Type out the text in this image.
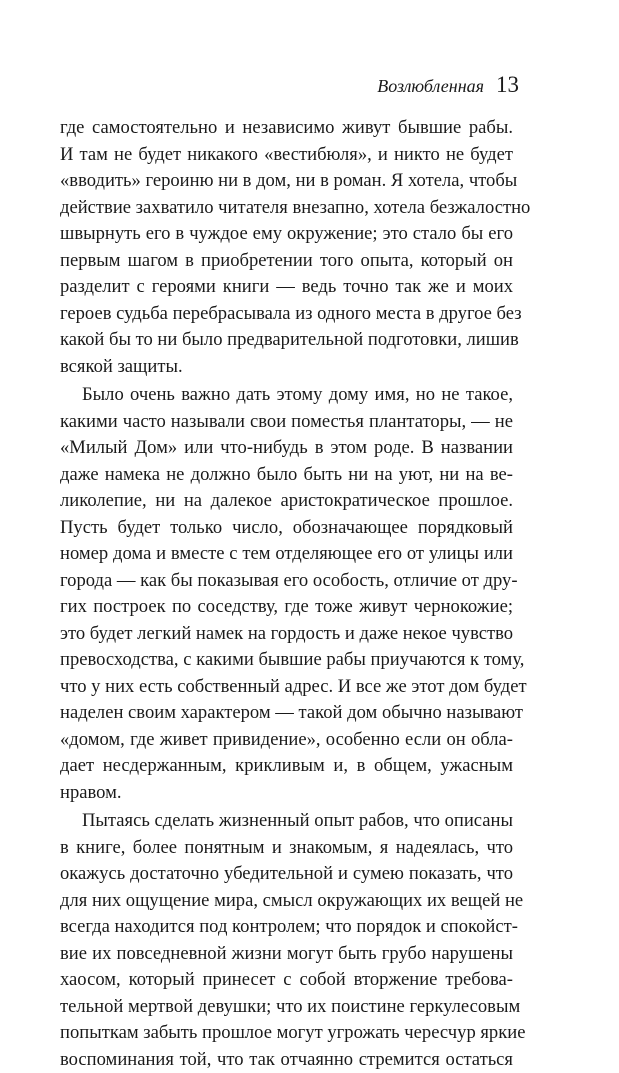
Возлюбленная 13
где самостоятельно и независимо живут бывшие рабы.
И там не будет никакого «вестибюля», и никто не будет
«вводить» героиню ни в дом, ни в роман. Я хотела, чтобы
действие захватило читателя внезапно, хотела безжалостно
швырнуть его в чуждое ему окружение; это стало бы его
первым шагом в приобретении того опыта, который он
разделит с героями книги — ведь точно так же и моих
героев судьба перебрасывала из одного места в другое без
какой бы то ни было предварительной подготовки, лишив
всякой защиты.
Было очень важно дать этому дому имя, но не такое,
какими часто называли свои поместья плантаторы, — не
«Милый Дом» или что-нибудь в этом роде. В названии
даже намека не должно было быть ни на уют, ни на ве-
ликолепие, ни на далекое аристократическое прошлое.
Пусть будет только число, обозначающее порядковый
номер дома и вместе с тем отделяющее его от улицы или
города — как бы показывая его особость, отличие от дру-
гих построек по соседству, где тоже живут чернокожие;
это будет легкий намек на гордость и даже некое чувство
превосходства, с какими бывшие рабы приучаются к тому,
что у них есть собственный адрес. И все же этот дом будет
наделен своим характером — такой дом обычно называют
«домом, где живет привидение», особенно если он обла-
дает несдержанным, крикливым и, в общем, ужасным
нравом.
Пытаясь сделать жизненный опыт рабов, что описаны
в книге, более понятным и знакомым, я надеялась, что
окажусь достаточно убедительной и сумею показать, что
для них ощущение мира, смысл окружающих их вещей не
всегда находится под контролем; что порядок и спокойст-
вие их повседневной жизни могут быть грубо нарушены
хаосом, который принесет с собой вторжение требова-
тельной мертвой девушки; что их поистине геркулесовым
попыткам забыть прошлое могут угрожать чересчур яркие
воспоминания той, что так отчаянно стремится остаться
